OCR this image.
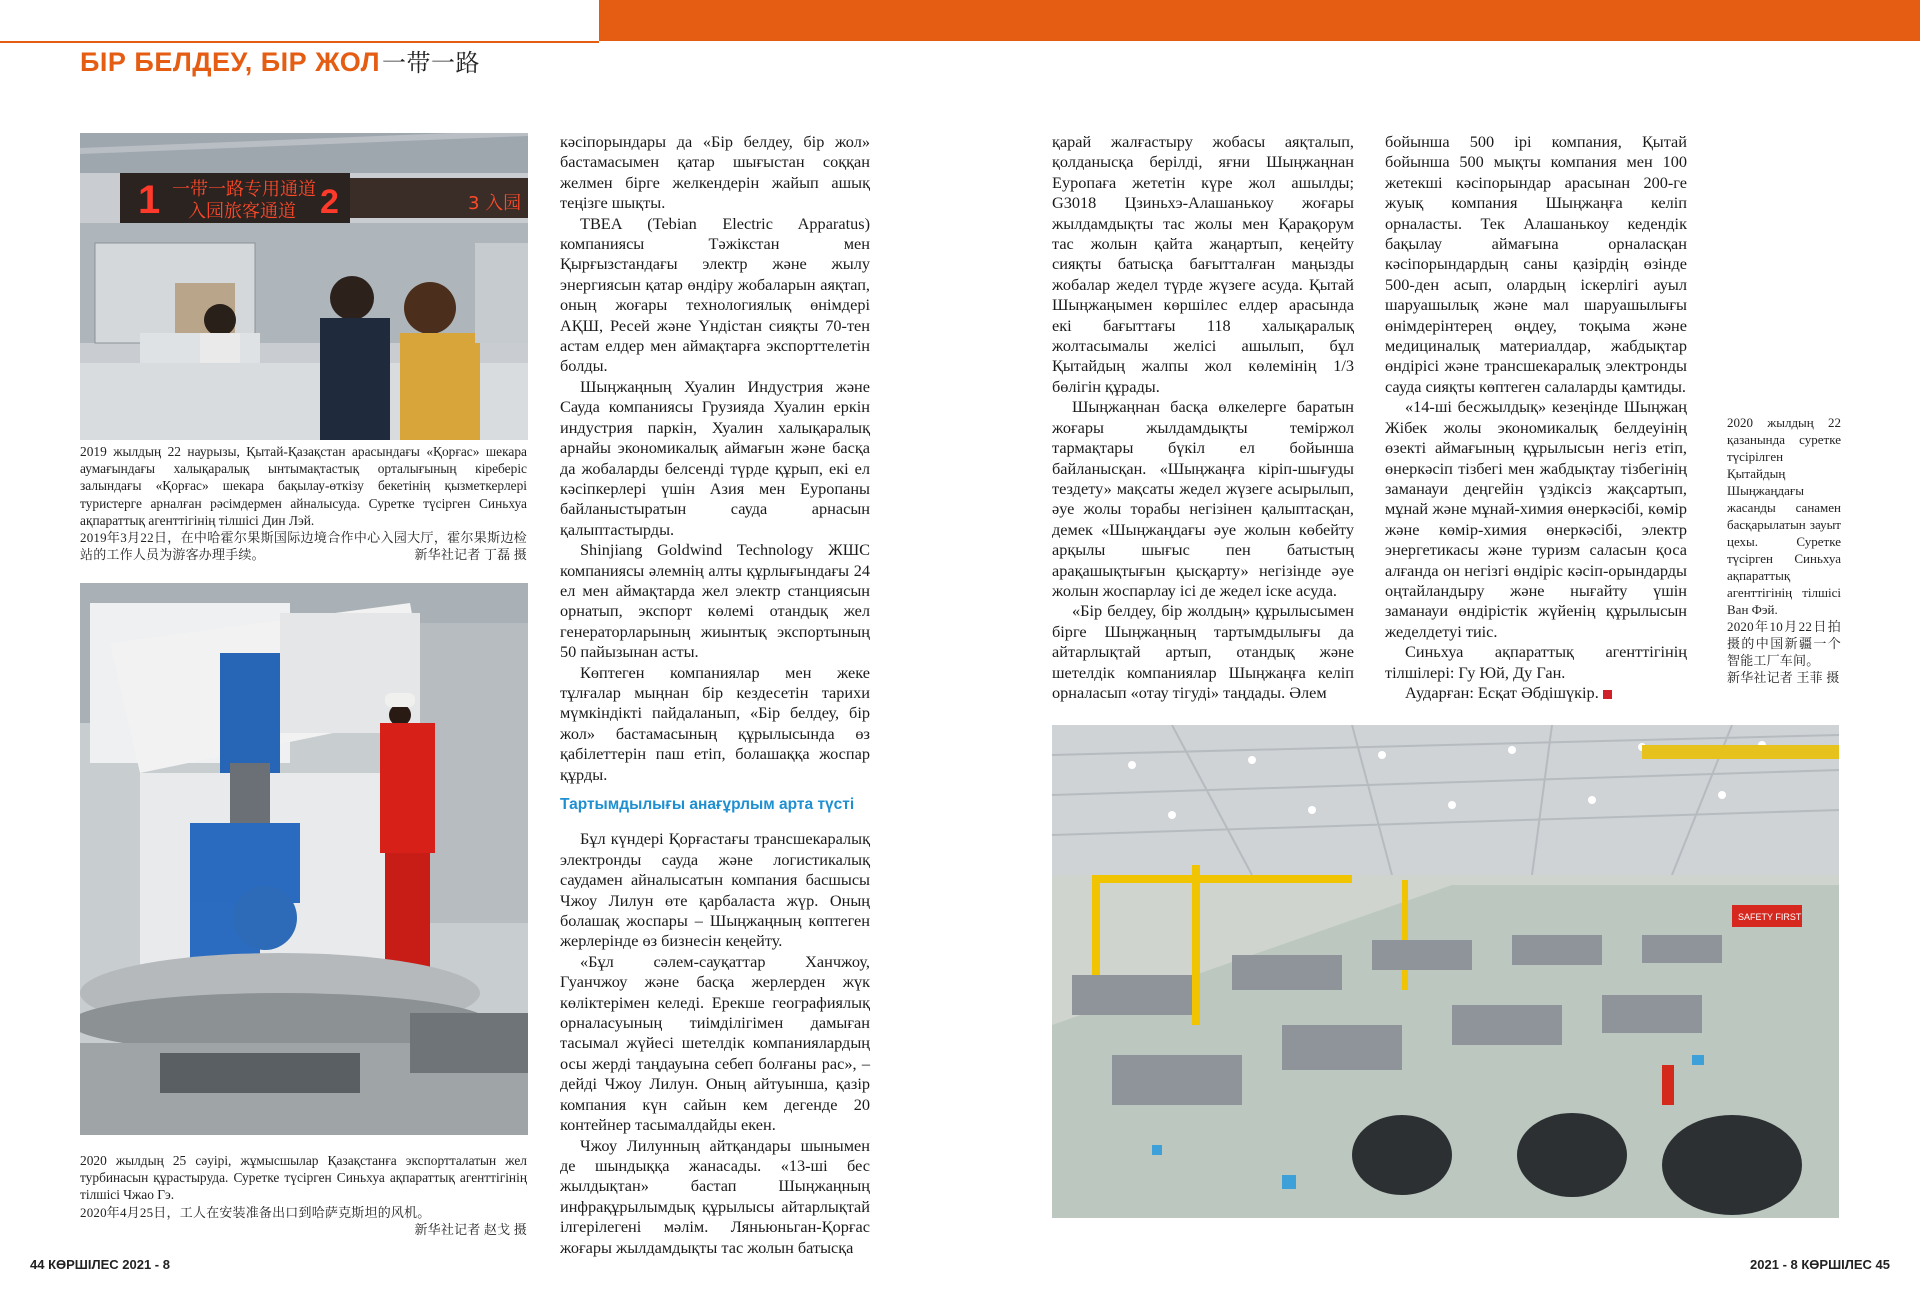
БІР БЕЛДЕУ, БІР ЖОЛ一带一路
1 一带一路专用通道
入园旅客通道 2	3 入园

2019 жылдың 22 наурызы, Қытай-Қазақстан арасындағы «Қорғас» шекара аумағындағы халықаралық ынтымақтастық орталығының кіреберіс залындағы «Қорғас» шекара бақылау-өткізу бекетінің қызметкерлері туристерге арналған рәсімдермен айналысуда. Суретке түсірген Синьхуа ақпараттық агенттігінің тілшісі Дин Лэй.

2019年3月22日，在中哈霍尔果斯国际边境合作中心入园大厅，霍尔果斯边检站的工作人员为游客办理手续。	新华社记者 丁磊 摄

2020 жылдың 25 сәуірі, жұмысшылар Қазақстанға экспортталатын жел турбинасын құрастыруда. Суретке түсірген Синьхуа ақпараттық агенттігінің тілшісі Чжао Гэ.

2020年4月25日，工人在安装准备出口到哈萨克斯坦的风机。
新华社记者 赵戈 摄

кәсіпорындары да «Бір белдеу, бір жол» бастамасымен қатар шығыстан соққан желмен бірге желкендерін жайып ашық теңізге шықты.

TBEA (Tebian Electric Apparatus) компаниясы Тәжікстан мен Қырғызстандағы электр және жылу энергиясын қатар өндіру жобаларын аяқтап, оның жоғары технологиялық өнімдері АҚШ, Ресей және Үндістан сияқты 70-тен астам елдер мен аймақтарға экспорттелетін болды.

Шыңжаңның Хуалин Индустрия және Сауда компаниясы Грузияда Хуалин еркін индустрия паркін, Хуалин халықаралық арнайы экономикалық аймағын және басқа да жобаларды белсенді түрде құрып, екі ел кәсіпкерлері үшін Азия мен Еуропаны байланыстыратын сауда арнасын қалыптастырды.

Shinjiang Goldwind Technology ЖШС компаниясы әлемнің алты құрлығындағы 24 ел мен аймақтарда жел электр станциясын орнатып, экспорт көлемі отандық жел генераторларының жиынтық экспортының 50 пайызынан асты.

Көптеген компаниялар мен жеке тұлғалар мыңнан бір кездесетін тарихи мүмкіндікті пайдаланып, «Бір белдеу, бір жол» бастамасының құрылысында өз қабілеттерін паш етіп, болашаққа жоспар құрды.

Тартымдылығы анағұрлым арта түсті

Бұл күндері Қорғастағы трансшекаралық электронды сауда және логистикалық саудамен айналысатын компания басшысы Чжоу Лилун өте қарбаласта жүр. Оның болашақ жоспары – Шыңжаңның көптеген жерлерінде өз бизнесін кеңейту.

«Бұл сәлем-сауқаттар Ханчжоу, Гуанчжоу және басқа жерлерден жүк көліктерімен келеді. Ерекше географиялық орналасуының тиімділігімен дамыған тасымал жүйесі шетелдік компаниялардың осы жерді таңдауына себеп болғаны рас», – дейді Чжоу Лилун. Оның айтуынша, қазір компания күн сайын кем дегенде 20 контейнер тасымалдайды екен.

Чжоу Лилунның айтқандары шынымен де шындыққа жанасады. «13-ші бес жылдықтан» бастап Шыңжаңның инфрақұрылымдық құрылысы айтарлықтай ілгерілегені мәлім. Ляньюньган-Қорғас жоғары жылдамдықты тас жолын батысқа

қарай жалғастыру жобасы аяқталып, қолданысқа берілді, яғни Шыңжаңнан Еуропаға жететін күре жол ашылды; G3018 Цзиньхэ-Алашанькоу жоғары жылдамдықты тас жолы мен Қарақорум тас жолын қайта жаңартып, кеңейту сияқты батысқа бағытталған маңызды жобалар жедел түрде жүзеге асуда. Қытай Шыңжаңымен көршілес елдер арасында екі бағыттағы 118 халықаралық жолтасымалы желісі ашылып, бұл Қытайдың жалпы жол көлемінің 1/3 бөлігін құрады.

Шыңжаңнан басқа өлкелерге баратын жоғары жылдамдықты теміржол тармақтары бүкіл ел бойынша байланысқан. «Шыңжаңға кіріп-шығуды тездету» мақсаты жедел жүзеге асырылып, әуе жолы торабы негізінен қалыптасқан, демек «Шыңжаңдағы әуе жолын көбейту арқылы шығыс пен батыстың арақашықтығын қысқарту» негізінде әуе жолын жоспарлау ісі де жедел іске асуда.

«Бір белдеу, бір жолдың» құрылысымен бірге Шыңжаңның тартымдылығы да айтарлықтай артып, отандық және шетелдік компаниялар Шыңжаңға келіп орналасып «отау тігуді» таңдады. Әлем

бойынша 500 ірі компания, Қытай бойынша 500 мықты компания мен 100 жетекші кәсіпорындар арасынан 200-ге жуық компания Шыңжаңға келіп орналасты. Тек Алашанькоу кедендік бақылау аймағына орналасқан кәсіпорындардың саны қазірдің өзінде 500-ден асып, олардың іскерлігі ауыл шаруашылық және мал шаруашылығы өнімдерінтерең өңдеу, тоқыма және медициналық материалдар, жабдықтар өндірісі және трансшекаралық электронды сауда сияқты көптеген салаларды қамтиды.

«14-ші бесжылдық» кезеңінде Шыңжаң Жібек жолы экономикалық белдеуінің өзекті аймағының құрылысын негіз етіп, өнеркәсіп тізбегі мен жабдықтау тізбегінің заманауи деңгейін үздіксіз жақсартып, мұнай және мұнай-химия өнеркәсібі, көмір және көмір-химия өнеркәсібі, электр энергетикасы және туризм саласын қоса алғанда он негізгі өндіріс кәсіп-орындарды оңтайландыру және нығайту үшін заманауи өндірістік жүйенің құрылысын жеделдетуі тиіс.

Синьхуа ақпараттық агенттігінің тілшілері: Гу Юй, Ду Ган.

Аударған: Есқат Әбдішүкір.

2020 жылдың 22 қазанында суретке түсірілген Қытайдың Шыңжаңдағы жасанды санамен басқарылатын зауыт цехы. Суретке түсірген Синьхуа ақпараттық агенттігінің тілшісі Ван Фэй.

2020年10月22日拍摄的中国新疆一个智能工厂车间。

新华社记者 王菲 摄

SAFETY FIRST
44 КӨРШІЛЕС 2021 - 8	2021 - 8 КӨРШІЛЕС 45
